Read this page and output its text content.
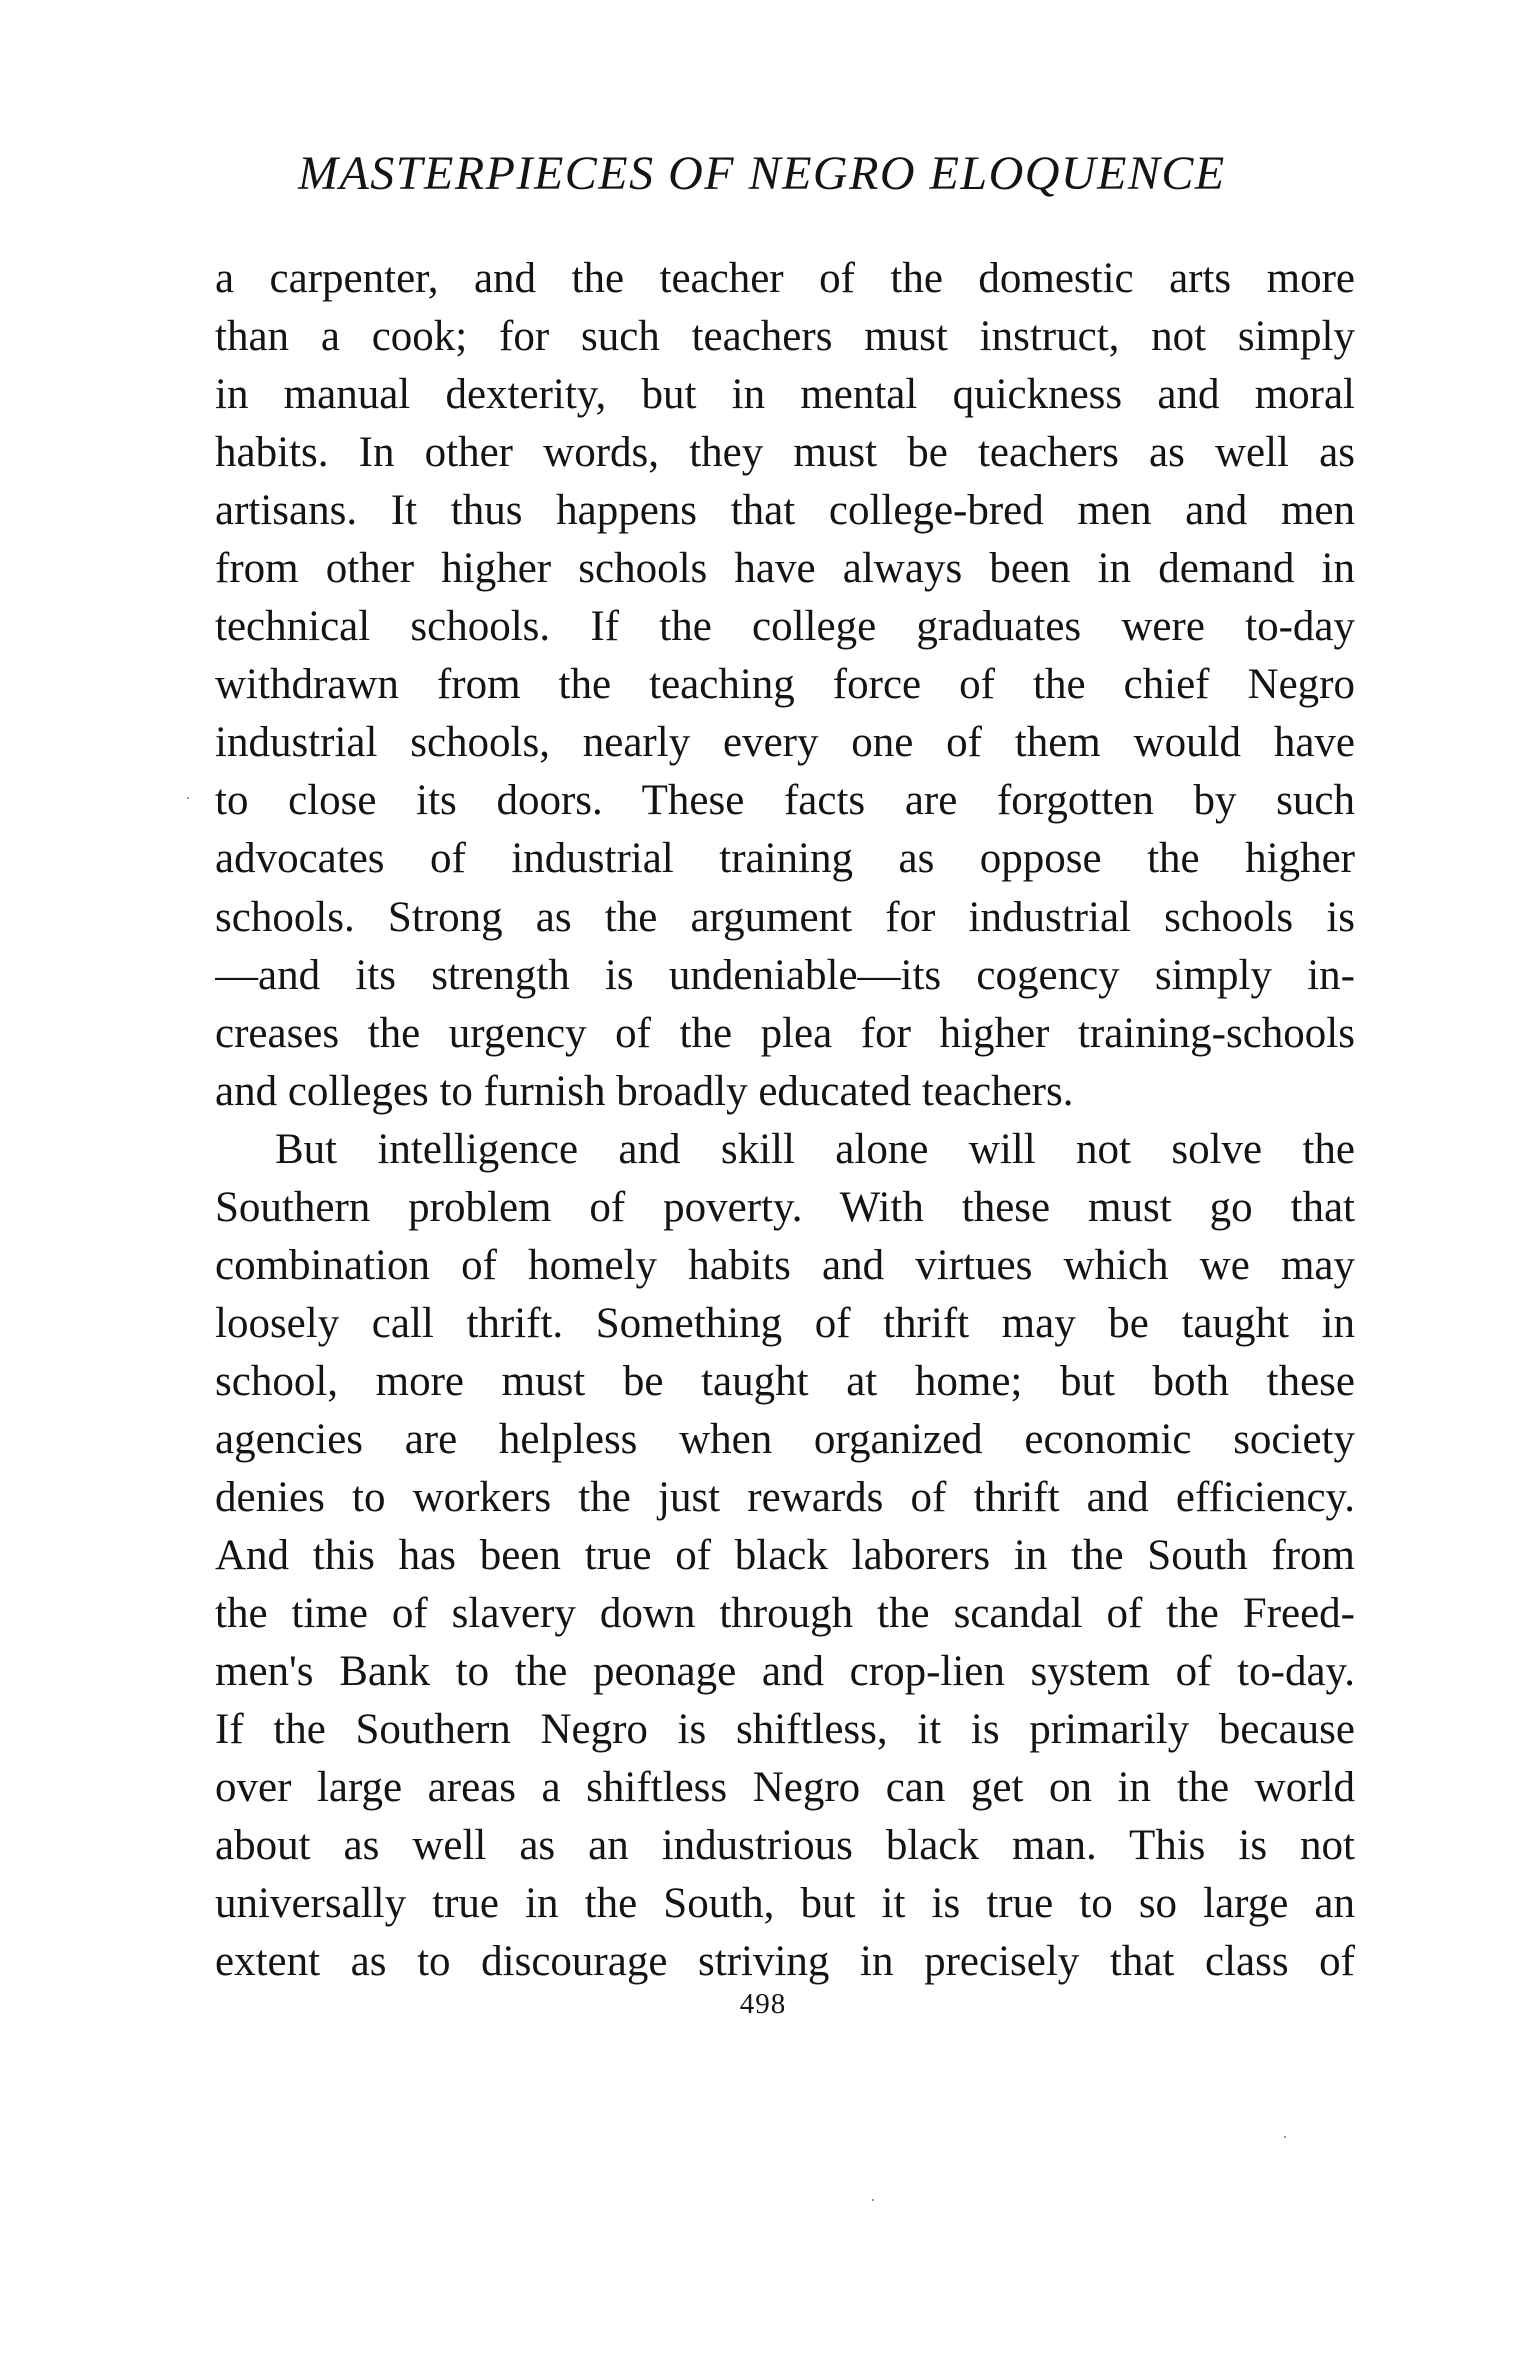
MASTERPIECES OF NEGRO ELOQUENCE
a carpenter, and the teacher of the domestic arts more
than a cook; for such teachers must instruct, not simply
in manual dexterity, but in mental quickness and moral
habits. In other words, they must be teachers as well as
artisans. It thus happens that college-bred men and men
from other higher schools have always been in demand in
technical schools. If the college graduates were to-day
withdrawn from the teaching force of the chief Negro
industrial schools, nearly every one of them would have
to close its doors. These facts are forgotten by such
advocates of industrial training as oppose the higher
schools. Strong as the argument for industrial schools is
—and its strength is undeniable—its cogency simply in-
creases the urgency of the plea for higher training-schools
and colleges to furnish broadly educated teachers.
But intelligence and skill alone will not solve the
Southern problem of poverty. With these must go that
combination of homely habits and virtues which we may
loosely call thrift. Something of thrift may be taught in
school, more must be taught at home; but both these
agencies are helpless when organized economic society
denies to workers the just rewards of thrift and efficiency.
And this has been true of black laborers in the South from
the time of slavery down through the scandal of the Freed-
men's Bank to the peonage and crop-lien system of to-day.
If the Southern Negro is shiftless, it is primarily because
over large areas a shiftless Negro can get on in the world
about as well as an industrious black man. This is not
universally true in the South, but it is true to so large an
extent as to discourage striving in precisely that class of
498
